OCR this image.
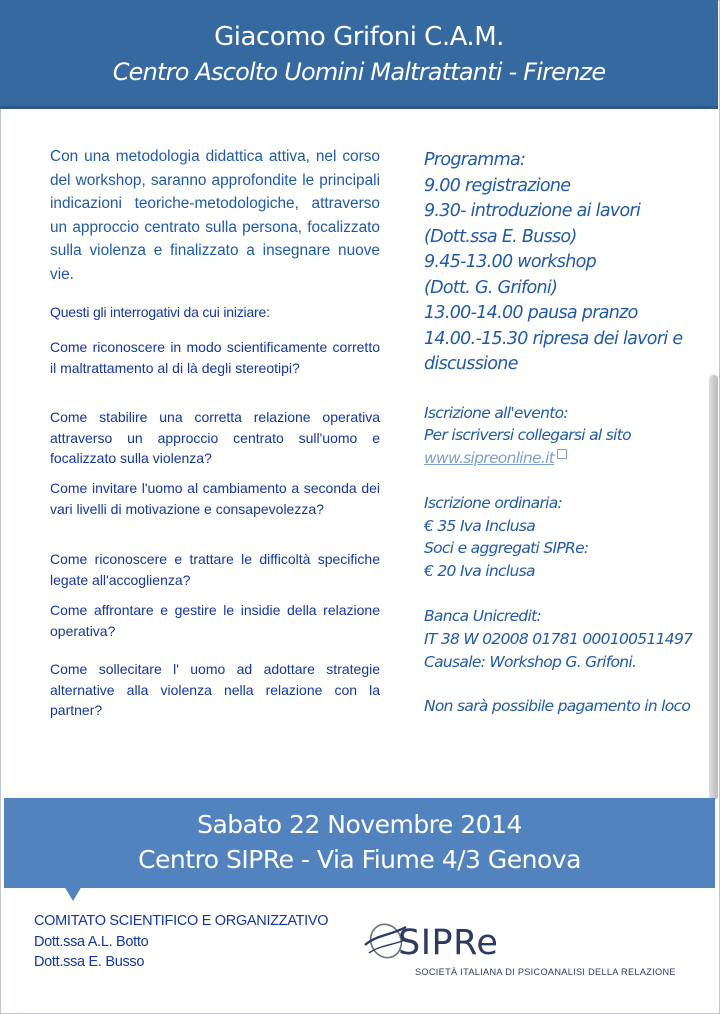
Giacomo Grifoni C.A.M.
Centro Ascolto Uomini Maltrattanti - Firenze

Con una metodologia didattica attiva, nel corso del workshop, saranno approfondite le principali indicazioni teoriche-metodologiche, attraverso un approccio centrato sulla persona, focalizzato sulla violenza e finalizzato a insegnare nuove vie.

Questi gli interrogativi da cui iniziare:

Come riconoscere in modo scientificamente corretto il maltrattamento al di là degli stereotipi?

Come stabilire una corretta relazione operativa attraverso un approccio centrato sull'uomo e focalizzato sulla violenza?

Come invitare l'uomo al cambiamento a seconda dei vari livelli di motivazione e consapevolezza?

Come riconoscere e trattare le difficoltà specifiche legate all'accoglienza?

Come affrontare e gestire le insidie della relazione operativa?

Come sollecitare l' uomo ad adottare strategie alternative alla violenza nella relazione con la partner?

Programma:
9.00 registrazione
9.30- introduzione ai lavori
(Dott.ssa E. Busso)
9.45-13.00 workshop
(Dott. G. Grifoni)
13.00-14.00 pausa pranzo
14.00.-15.30 ripresa dei lavori e
discussione
Iscrizione all'evento:
Per iscriversi collegarsi al sito
www.sipreonline.it
Iscrizione ordinaria:
€ 35 Iva Inclusa
Soci e aggregati SIPRe:
€ 20 Iva inclusa
Banca Unicredit:
IT 38 W 02008 01781 000100511497
Causale: Workshop G. Grifoni.
Non sarà possibile pagamento in loco
Sabato 22 Novembre 2014
Centro SIPRe - Via Fiume 4/3 Genova
COMITATO SCIENTIFICO E ORGANIZZATIVO
Dott.ssa A.L. Botto
Dott.ssa E. Busso	SIPRe
SOCIETÀ ITALIANA DI PSICOANALISI DELLA RELAZIONE
